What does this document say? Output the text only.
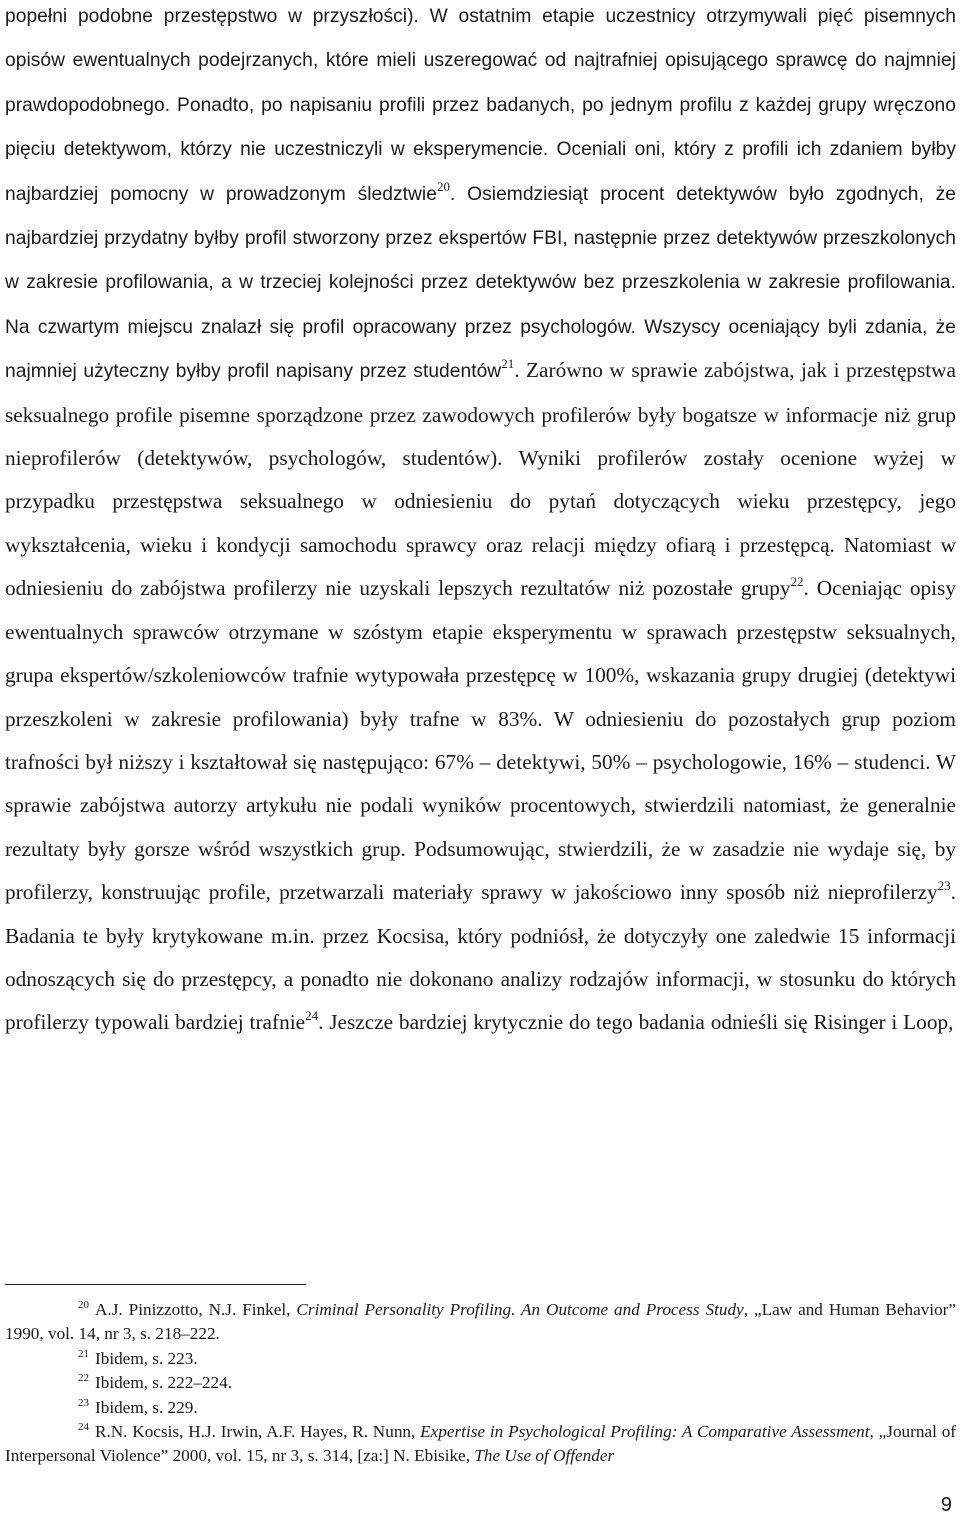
popełni podobne przestępstwo w przyszłości). W ostatnim etapie uczestnicy otrzymywali pięć pisemnych opisów ewentualnych podejrzanych, które mieli uszeregować od najtrafniej opisującego sprawcę do najmniej prawdopodobnego. Ponadto, po napisaniu profili przez badanych, po jednym profilu z każdej grupy wręczono pięciu detektywom, którzy nie uczestniczyli w eksperymencie. Oceniali oni, który z profili ich zdaniem byłby najbardziej pomocny w prowadzonym śledztwie$^{20}$. Osiemdziesiąt procent detektywów było zgodnych, że najbardziej przydatny byłby profil stworzony przez ekspertów FBI, następnie przez detektywów przeszkolonych w zakresie profilowania, a w trzeciej kolejności przez detektywów bez przeszkolenia w zakresie profilowania. Na czwartym miejscu znalazł się profil opracowany przez psychologów. Wszyscy oceniający byli zdania, że najmniej użyteczny byłby profil napisany przez studentów$^{21}$. Zarówno w sprawie zabójstwa, jak i przestępstwa seksualnego profile pisemne sporządzone przez zawodowych profilerów były bogatsze w informacje niż grup nieprofilerów (detektywów, psychologów, studentów). Wyniki profilerów zostały ocenione wyżej w przypadku przestępstwa seksualnego w odniesieniu do pytań dotyczących wieku przestępcy, jego wykształcenia, wieku i kondycji samochodu sprawcy oraz relacji między ofiarą i przestępcą. Natomiast w odniesieniu do zabójstwa profilerzy nie uzyskali lepszych rezultatów niż pozostałe grupy$^{22}$. Oceniając opisy ewentualnych sprawców otrzymane w szóstym etapie eksperymentu w sprawach przestępstw seksualnych, grupa ekspertów/szkoleniowców trafnie wytypowała przestępcę w 100%, wskazania grupy drugiej (detektywi przeszkoleni w zakresie profilowania) były trafne w 83%. W odniesieniu do pozostałych grup poziom trafności był niższy i kształtował się następująco: 67% – detektywi, 50% – psychologowie, 16% – studenci. W sprawie zabójstwa autorzy artykułu nie podali wyników procentowych, stwierdzili natomiast, że generalnie rezultaty były gorsze wśród wszystkich grup. Podsumowując, stwierdzili, że w zasadzie nie wydaje się, by profilerzy, konstruując profile, przetwarzali materiały sprawy w jakościowo inny sposób niż nieprofilerzy$^{23}$. Badania te były krytykowane m.in. przez Kocsisa, który podniósł, że dotyczyły one zaledwie 15 informacji odnoszących się do przestępcy, a ponadto nie dokonano analizy rodzajów informacji, w stosunku do których profilerzy typowali bardziej trafnie$^{24}$. Jeszcze bardziej krytycznie do tego badania odnieśli się Risinger i Loop,

$^{20}$ A.J. Pinizzotto, N.J. Finkel, Criminal Personality Profiling. An Outcome and Process Study, „Law and Human Behavior” 1990, vol. 14, nr 3, s. 218–222.

$^{21}$ Ibidem, s. 223.

$^{22}$ Ibidem, s. 222–224.

$^{23}$ Ibidem, s. 229.

$^{24}$ R.N. Kocsis, H.J. Irwin, A.F. Hayes, R. Nunn, Expertise in Psychological Profiling: A Comparative Assessment, „Journal of Interpersonal Violence” 2000, vol. 15, nr 3, s. 314, [za:] N. Ebisike, The Use of Offender

9
